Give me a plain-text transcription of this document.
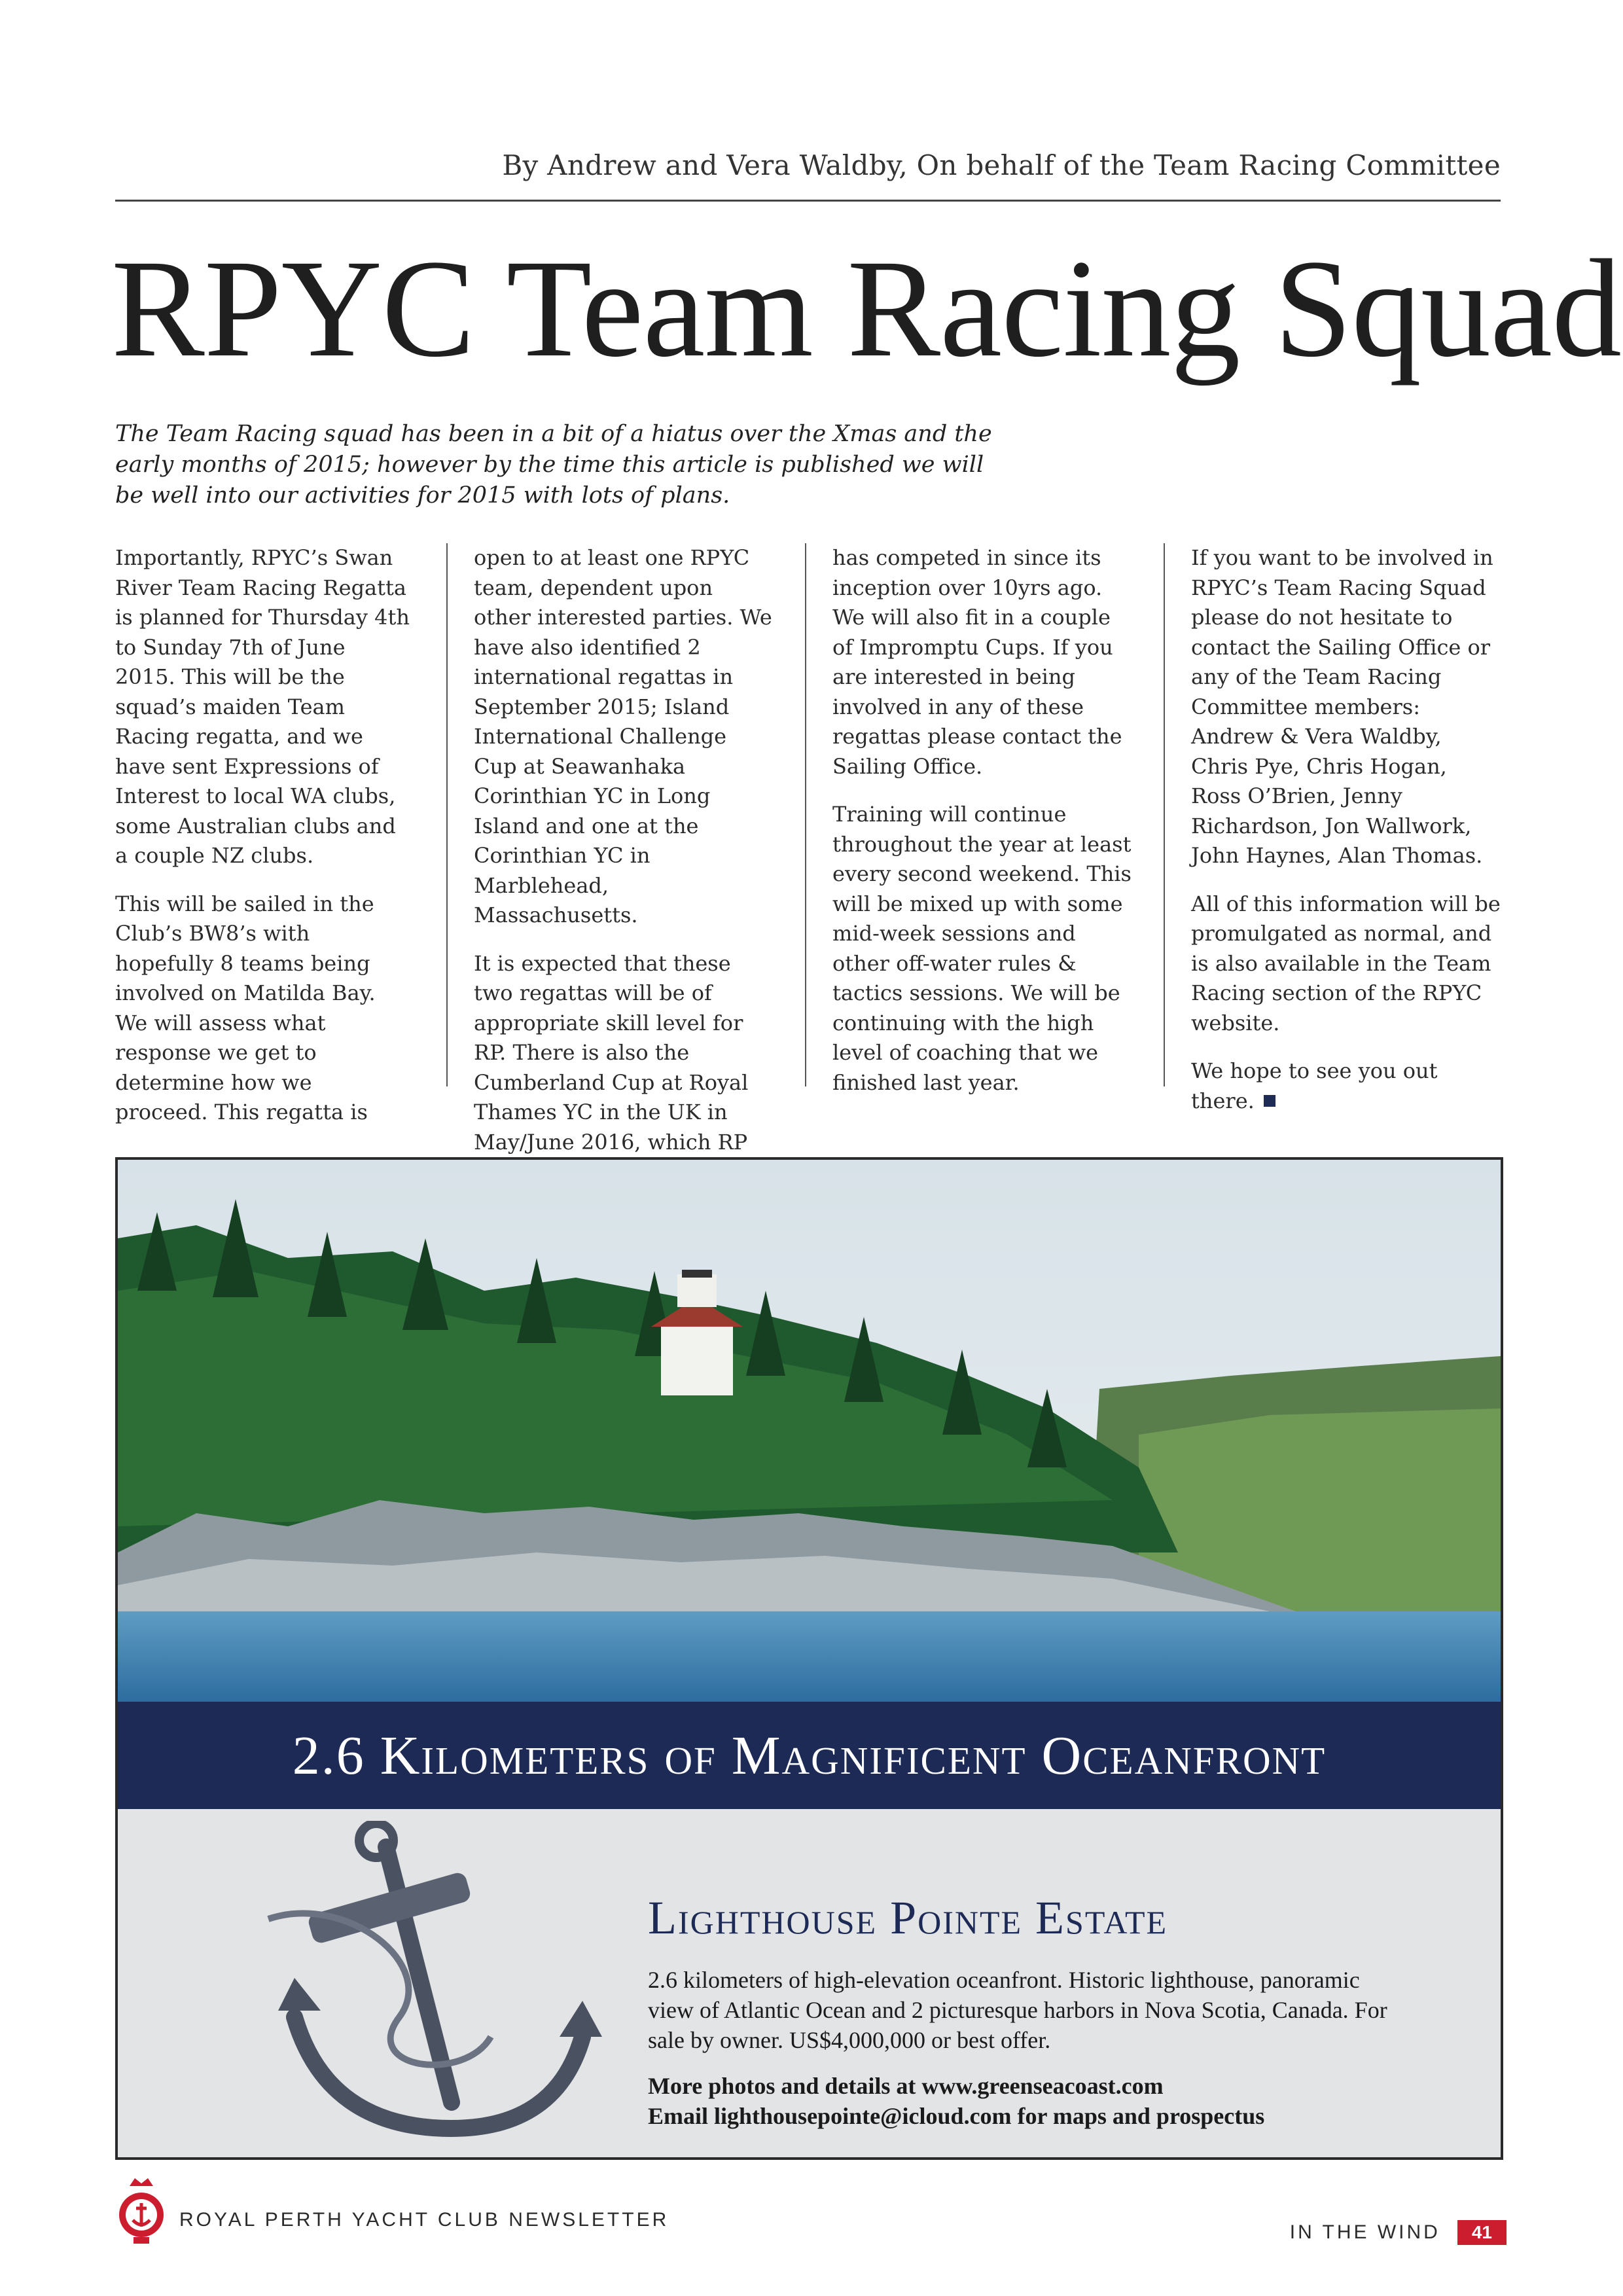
By Andrew and Vera Waldby, On behalf of the Team Racing Committee
RPYC Team Racing Squad
The Team Racing squad has been in a bit of a hiatus over the Xmas and the early months of 2015; however by the time this article is published we will be well into our activities for 2015 with lots of plans.

Importantly, RPYC’s Swan River Team Racing Regatta is planned for Thursday 4th to Sunday 7th of June 2015. This will be the squad’s maiden Team Racing regatta, and we have sent Expressions of Interest to local WA clubs, some Australian clubs and a couple NZ clubs.

This will be sailed in the Club’s BW8’s with hopefully 8 teams being involved on Matilda Bay. We will assess what response we get to determine how we proceed. This regatta is

open to at least one RPYC team, dependent upon other interested parties. We have also identified 2 international regattas in September 2015; Island International Challenge Cup at Seawanhaka Corinthian YC in Long Island and one at the Corinthian YC in Marblehead, Massachusetts.

It is expected that these two regattas will be of appropriate skill level for RP. There is also the Cumberland Cup at Royal Thames YC in the UK in May/June 2016, which RP

has competed in since its inception over 10yrs ago. We will also fit in a couple of Impromptu Cups. If you are interested in being involved in any of these regattas please contact the Sailing Office.

Training will continue throughout the year at least every second weekend. This will be mixed up with some mid-week sessions and other off-water rules & tactics sessions. We will be continuing with the high level of coaching that we finished last year.

If you want to be involved in RPYC’s Team Racing Squad please do not hesitate to contact the Sailing Office or any of the Team Racing Committee members: Andrew & Vera Waldby, Chris Pye, Chris Hogan, Ross O’Brien, Jenny Richardson, Jon Wallwork, John Haynes, Alan Thomas.

All of this information will be promulgated as normal, and is also available in the Team Racing section of the RPYC website.

We hope to see you out there.

2.6 Kilometers of Magnificent Oceanfront
Lighthouse Pointe Estate
2.6 kilometers of high-elevation oceanfront. Historic lighthouse, panoramic view of Atlantic Ocean and 2 picturesque harbors in Nova Scotia, Canada. For sale by owner. US$4,000,000 or best offer.
More photos and details at www.greenseacoast.com
Email lighthousepointe@icloud.com for maps and prospectus
ROYAL PERTH YACHT CLUB NEWSLETTER
IN THE WIND	41
